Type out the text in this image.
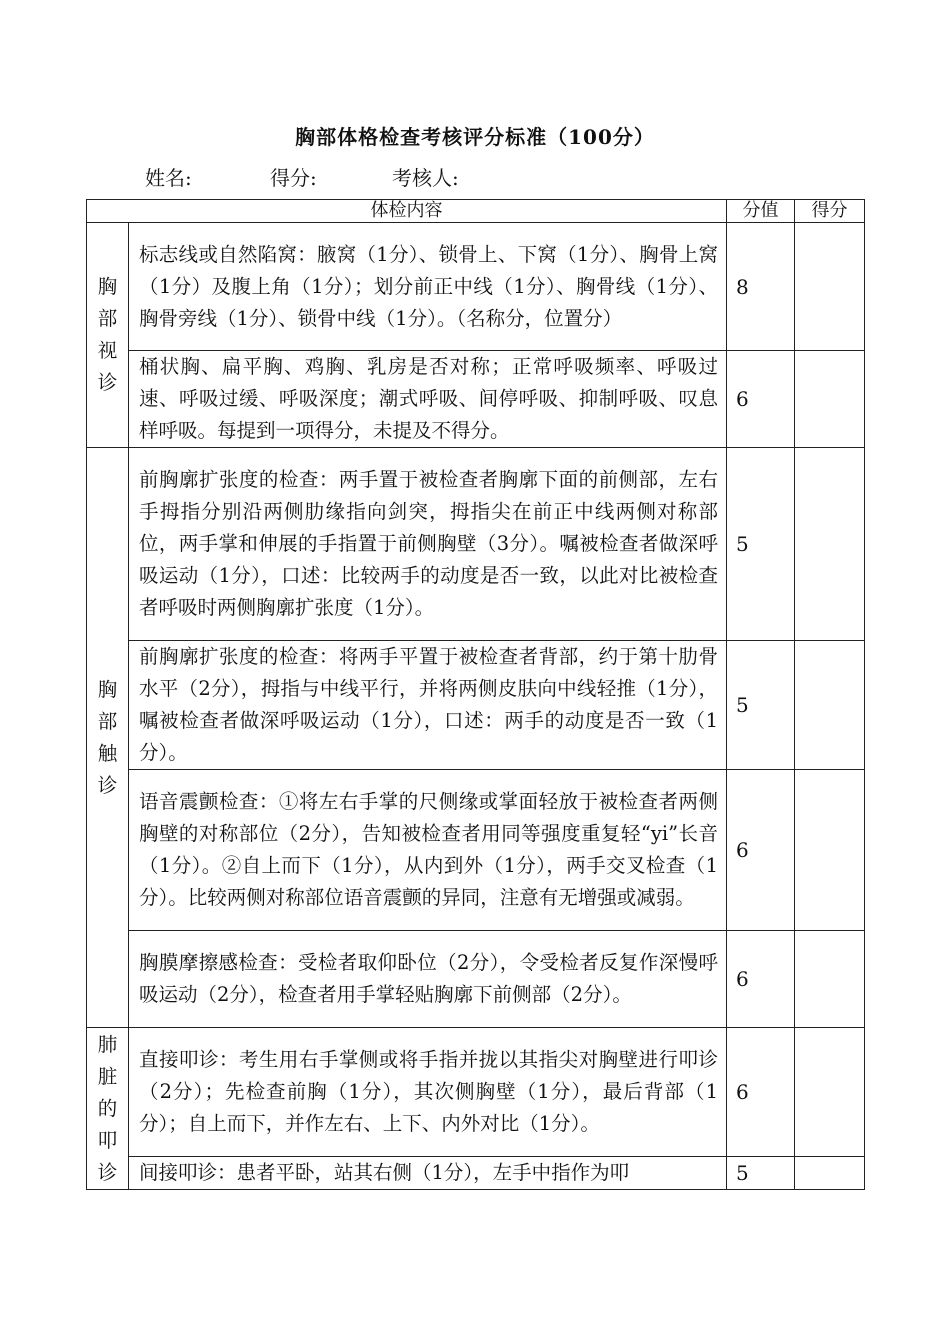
胸部体格检查考核评分标准（100分）
姓名:	得分:	考核人:
体检内容		分值	得分
胸
部
视
诊	标志线或自然陷窝：腋窝（1分）、锁骨上、下窝（1分）、胸骨上窝（1分）及腹上角（1分）；划分前正中线（1分）、胸骨线（1分）、胸骨旁线（1分）、锁骨中线（1分）。（名称分，位置分）	8	
	桶状胸、扁平胸、鸡胸、乳房是否对称；正常呼吸频率、呼吸过速、呼吸过缓、呼吸深度；潮式呼吸、间停呼吸、抑制呼吸、叹息样呼吸。每提到一项得分，未提及不得分。	6	
胸
部
触
诊	前胸廓扩张度的检查：两手置于被检查者胸廓下面的前侧部，左右手拇指分别沿两侧肋缘指向剑突，拇指尖在前正中线两侧对称部位，两手掌和伸展的手指置于前侧胸壁（3分）。嘱被检查者做深呼吸运动（1分），口述：比较两手的动度是否一致，以此对比被检查者呼吸时两侧胸廓扩张度（1分）。	5	
	前胸廓扩张度的检查：将两手平置于被检查者背部，约于第十肋骨水平（2分），拇指与中线平行，并将两侧皮肤向中线轻推（1分），嘱被检查者做深呼吸运动（1分），口述：两手的动度是否一致（1分）。	5	
	语音震颤检查：①将左右手掌的尺侧缘或掌面轻放于被检查者两侧胸壁的对称部位（2分），告知被检查者用同等强度重复轻“yi”长音（1分）。②自上而下（1分），从内到外（1分），两手交叉检查（1分）。比较两侧对称部位语音震颤的异同，注意有无增强或减弱。	6	
	胸膜摩擦感检查：受检者取仰卧位（2分），令受检者反复作深慢呼吸运动（2分），检查者用手掌轻贴胸廓下前侧部（2分）。	6	
肺
脏
的
叩
诊	直接叩诊：考生用右手掌侧或将手指并拢以其指尖对胸壁进行叩诊（2分）；先检查前胸（1分），其次侧胸壁（1分），最后背部（1分）；自上而下，并作左右、上下、内外对比（1分）。	6	
	间接叩诊：患者平卧，站其右侧（1分），左手中指作为叩	5	
